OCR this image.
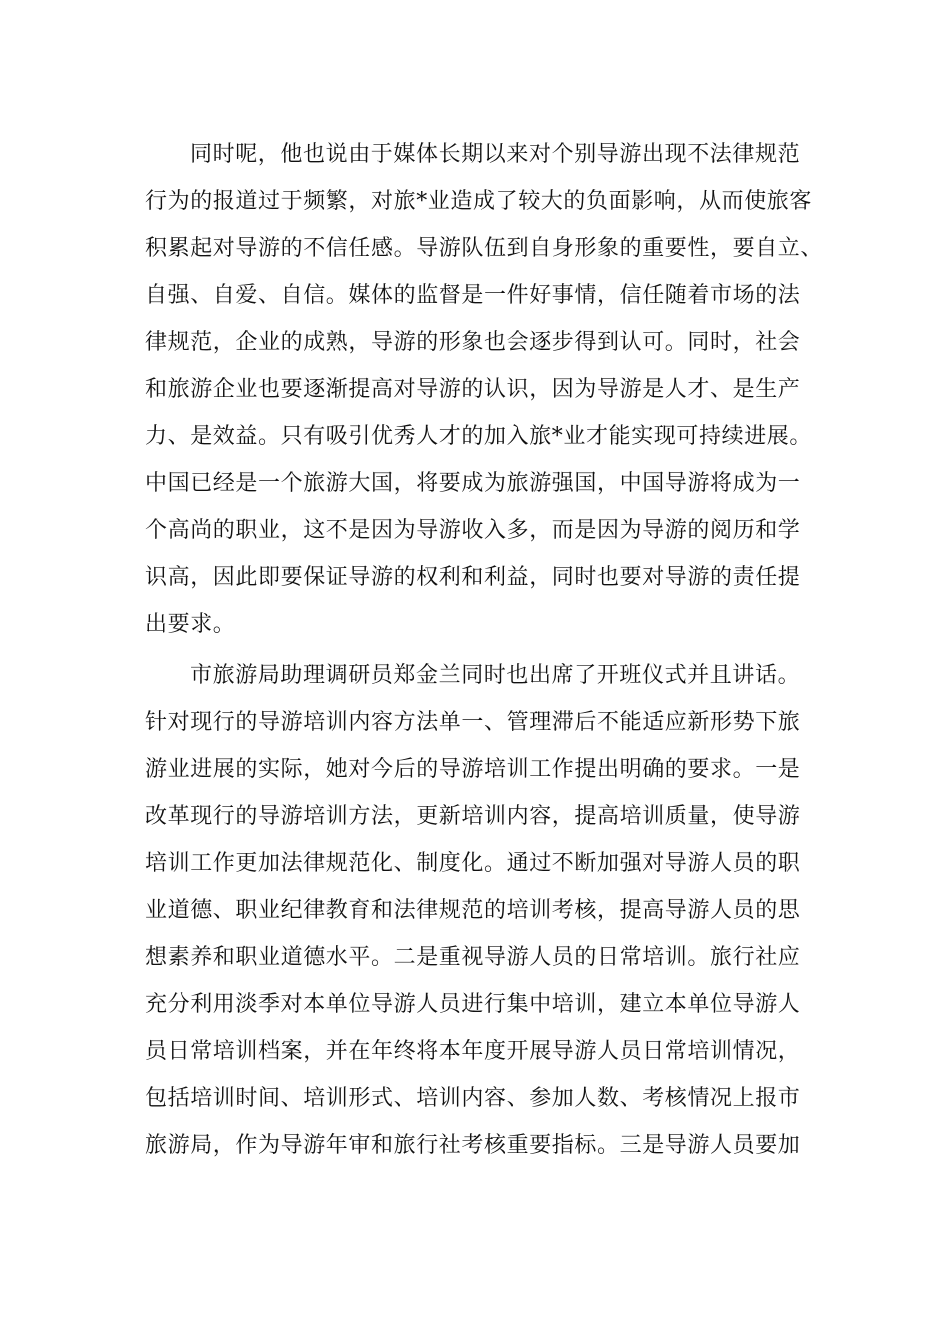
同时呢，他也说由于媒体长期以来对个别导游出现不法律规范
行为的报道过于频繁，对旅*业造成了较大的负面影响，从而使旅客
积累起对导游的不信任感。导游队伍到自身形象的重要性，要自立、
自强、自爱、自信。媒体的监督是一件好事情，信任随着市场的法
律规范，企业的成熟，导游的形象也会逐步得到认可。同时，社会
和旅游企业也要逐渐提高对导游的认识，因为导游是人才、是生产
力、是效益。只有吸引优秀人才的加入旅*业才能实现可持续进展。
中国已经是一个旅游大国，将要成为旅游强国，中国导游将成为一
个高尚的职业，这不是因为导游收入多，而是因为导游的阅历和学
识高，因此即要保证导游的权利和利益，同时也要对导游的责任提
出要求。
市旅游局助理调研员郑金兰同时也出席了开班仪式并且讲话。
针对现行的导游培训内容方法单一、管理滞后不能适应新形势下旅
游业进展的实际，她对今后的导游培训工作提出明确的要求。一是
改革现行的导游培训方法，更新培训内容，提高培训质量，使导游
培训工作更加法律规范化、制度化。通过不断加强对导游人员的职
业道德、职业纪律教育和法律规范的培训考核，提高导游人员的思
想素养和职业道德水平。二是重视导游人员的日常培训。旅行社应
充分利用淡季对本单位导游人员进行集中培训，建立本单位导游人
员日常培训档案，并在年终将本年度开展导游人员日常培训情况，
包括培训时间、培训形式、培训内容、参加人数、考核情况上报市
旅游局，作为导游年审和旅行社考核重要指标。三是导游人员要加
